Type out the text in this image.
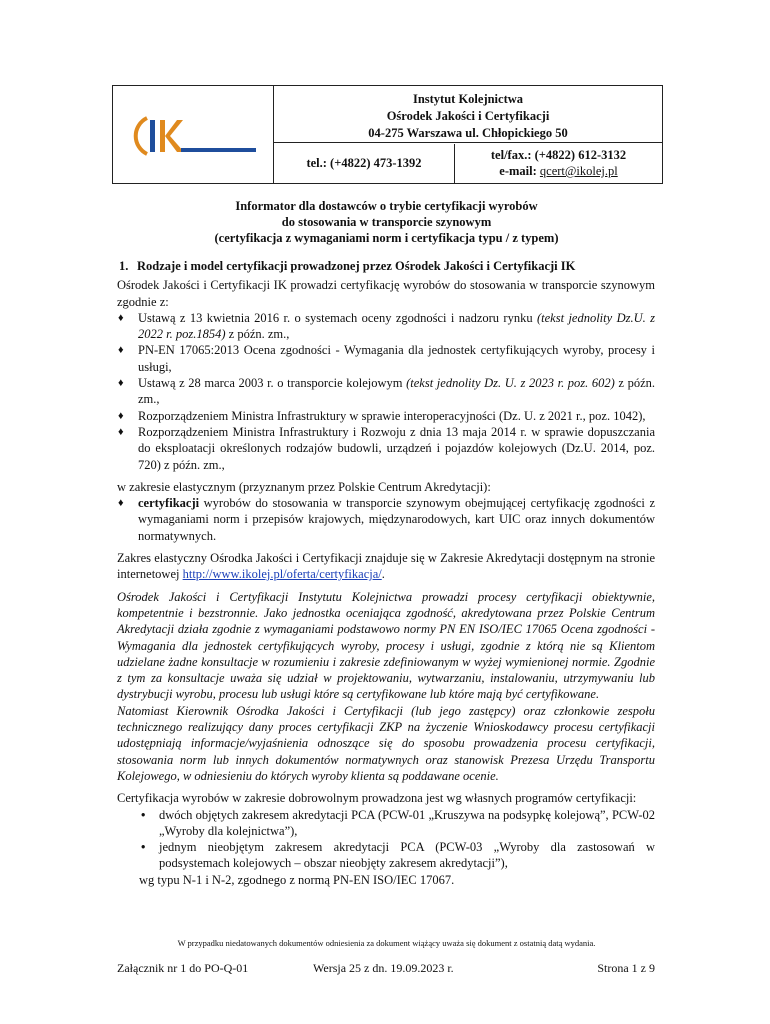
Instytut Kolejnictwa
Ośrodek Jakości i Certyfikacji
04-275 Warszawa ul. Chłopickiego 50
tel.: (+4822) 473-1392
tel/fax.: (+4822) 612-3132
e-mail: qcert@ikolej.pl
Informator dla dostawców o trybie certyfikacji wyrobów
do stosowania w transporcie szynowym
(certyfikacja z wymaganiami norm i certyfikacja typu / z typem)
1. Rodzaje i model certyfikacji prowadzonej przez Ośrodek Jakości i Certyfikacji IK

Ośrodek Jakości i Certyfikacji IK prowadzi certyfikację wyrobów do stosowania w transporcie szynowym zgodnie z:

♦ Ustawą z 13 kwietnia 2016 r. o systemach oceny zgodności i nadzoru rynku (tekst jednolity Dz.U. z 2022 r. poz.1854) z późn. zm.,
♦ PN-EN 17065:2013 Ocena zgodności - Wymagania dla jednostek certyfikujących wyroby, procesy i usługi,
♦ Ustawą z 28 marca 2003 r. o transporcie kolejowym (tekst jednolity Dz. U. z 2023 r. poz. 602) z późn. zm.,
♦ Rozporządzeniem Ministra Infrastruktury w sprawie interoperacyjności (Dz. U. z 2021 r., poz. 1042),
♦ Rozporządzeniem Ministra Infrastruktury i Rozwoju z dnia 13 maja 2014 r. w sprawie dopuszczania do eksploatacji określonych rodzajów budowli, urządzeń i pojazdów kolejowych (Dz.U. 2014, poz. 720) z późn. zm.,

w zakresie elastycznym (przyznanym przez Polskie Centrum Akredytacji):

♦ certyfikacji wyrobów do stosowania w transporcie szynowym obejmującej certyfikację zgodności z wymaganiami norm i przepisów krajowych, międzynarodowych, kart UIC oraz innych dokumentów normatywnych.

Zakres elastyczny Ośrodka Jakości i Certyfikacji znajduje się w Zakresie Akredytacji dostępnym na stronie internetowej http://www.ikolej.pl/oferta/certyfikacja/.

Ośrodek Jakości i Certyfikacji Instytutu Kolejnictwa prowadzi procesy certyfikacji obiektywnie, kompetentnie i bezstronnie. Jako jednostka oceniająca zgodność, akredytowana przez Polskie Centrum Akredytacji działa zgodnie z wymaganiami podstawowo normy PN EN ISO/IEC 17065 Ocena zgodności - Wymagania dla jednostek certyfikujących wyroby, procesy i usługi, zgodnie z którą nie są Klientom udzielane żadne konsultacje w rozumieniu i zakresie zdefiniowanym w wyżej wymienionej normie. Zgodnie z tym za konsultacje uważa się udział w projektowaniu, wytwarzaniu, instalowaniu, utrzymywaniu lub dystrybucji wyrobu, procesu lub usługi które są certyfikowane lub które mają być certyfikowane.

Natomiast Kierownik Ośrodka Jakości i Certyfikacji (lub jego zastępcy) oraz członkowie zespołu technicznego realizujący dany proces certyfikacji ZKP na życzenie Wnioskodawcy procesu certyfikacji udostępniają informacje/wyjaśnienia odnoszące się do sposobu prowadzenia procesu certyfikacji, stosowania norm lub innych dokumentów normatywnych oraz stanowisk Prezesa Urzędu Transportu Kolejowego, w odniesieniu do których wyroby klienta są poddawane ocenie.

Certyfikacja wyrobów w zakresie dobrowolnym prowadzona jest wg własnych programów certyfikacji:

• dwóch objętych zakresem akredytacji PCA (PCW-01 „Kruszywa na podsypkę kolejową”, PCW-02 „Wyroby dla kolejnictwa”),
• jednym nieobjętym zakresem akredytacji PCA (PCW-03 „Wyroby dla zastosowań w podsystemach kolejowych – obszar nieobjęty zakresem akredytacji”),

wg typu N-1 i N-2, zgodnego z normą PN-EN ISO/IEC 17067.

W przypadku niedatowanych dokumentów odniesienia za dokument wiążący uważa się dokument z ostatnią datą wydania.
Załącznik nr 1 do PO-Q-01	Wersja 25 z dn. 19.09.2023 r.	Strona 1 z 9
